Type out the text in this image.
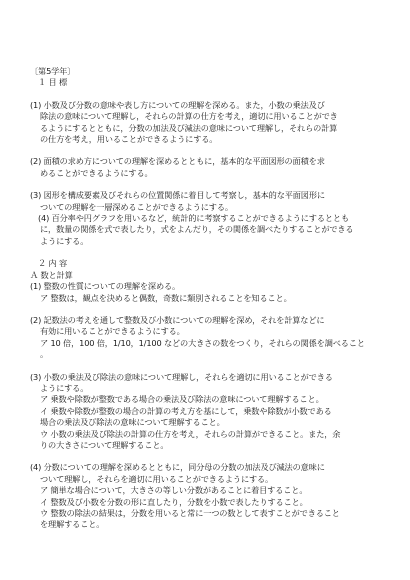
〔第5学年〕
１ 目 標
(1) 小数及び分数の意味や表し方についての理解を深める。また，小数の乗法及び
除法の意味について理解し，それらの計算の仕方を考え，適切に用いることができ
るようにするとともに，分数の加法及び減法の意味について理解し，それらの計算
の仕方を考え，用いることができるようにする。
(2) 面積の求め方についての理解を深めるとともに，基本的な平面図形の面積を求
めることができるようにする。
(3) 図形を構成要素及びそれらの位置関係に着目して考察し，基本的な平面図形に
ついての理解を一層深めることができるようにする。
(4) 百分率や円グラフを用いるなど，統計的に考察することができるようにするととも
に，数量の関係を式で表したり，式をよんだり，その関係を調べたりすることができる
ようにする。
２ 内 容
Ａ 数と計算
(1) 整数の性質についての理解を深める。
ア 整数は，観点を決めると偶数，奇数に類別されることを知ること。
(2) 記数法の考えを通して整数及び小数についての理解を深め，それを計算などに
有効に用いることができるようにする。
ア 10 倍，100 倍，1/10，1/100 などの大きさの数をつくり，それらの関係を調べること
。
(3) 小数の乗法及び除法の意味について理解し，それらを適切に用いることができる
ようにする。
ア 乗数や除数が整数である場合の乗法及び除法の意味について理解すること。
イ 乗数や除数が整数の場合の計算の考え方を基にして，乗数や除数が小数である
場合の乗法及び除法の意味について理解すること。
ウ 小数の乗法及び除法の計算の仕方を考え，それらの計算ができること。また，余
りの大きさについて理解すること。
(4) 分数についての理解を深めるとともに，同分母の分数の加法及び減法の意味に
ついて理解し，それらを適切に用いることができるようにする。
ア 簡単な場合について，大きさの等しい分数があることに着目すること。
イ 整数及び小数を分数の形に直したり，分数を小数で表したりすること。
ウ 整数の除法の結果は，分数を用いると常に一つの数として表すことができること
を理解すること。
